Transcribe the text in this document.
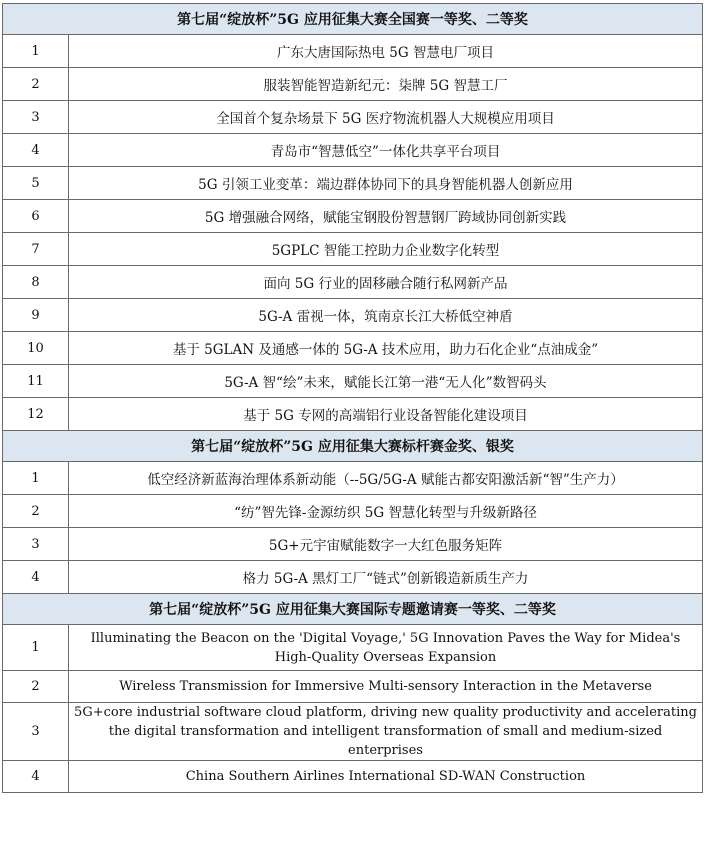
第七届“绽放杯”5G 应用征集大赛全国赛一等奖、二等奖	
1	广东大唐国际热电 5G 智慧电厂项目
2	服装智能智造新纪元：柒牌 5G 智慧工厂
3	全国首个复杂场景下 5G 医疗物流机器人大规模应用项目
4	青岛市“智慧低空”一体化共享平台项目
5	5G 引领工业变革：端边群体协同下的具身智能机器人创新应用
6	5G 增强融合网络，赋能宝钢股份智慧钢厂跨域协同创新实践
7	5GPLC 智能工控助力企业数字化转型
8	面向 5G 行业的固移融合随行私网新产品
9	5G-A 雷视一体，筑南京长江大桥低空神盾
10	基于 5GLAN 及通感一体的 5G-A 技术应用，助力石化企业“点油成金”
11	5G-A 智“绘”未来，赋能长江第一港“无人化”数智码头
12	基于 5G 专网的高端铝行业设备智能化建设项目
第七届“绽放杯”5G 应用征集大赛标杆赛金奖、银奖	
1	低空经济新蓝海治理体系新动能（--5G/5G-A 赋能古都安阳激活新“智”生产力）
2	“纺”智先锋-金源纺织 5G 智慧化转型与升级新路径
3	5G+元宇宙赋能数字一大红色服务矩阵
4	格力 5G-A 黑灯工厂“链式”创新锻造新质生产力
第七届“绽放杯”5G 应用征集大赛国际专题邀请赛一等奖、二等奖	
1	Illuminating the Beacon on the 'Digital Voyage,' 5G Innovation Paves the Way for Midea's High-Quality Overseas Expansion
2	Wireless Transmission for Immersive Multi-sensory Interaction in the Metaverse
3	5G+core industrial software cloud platform, driving new quality productivity and accelerating the digital transformation and intelligent transformation of small and medium-sized enterprises
4	China Southern Airlines International SD-WAN Construction
